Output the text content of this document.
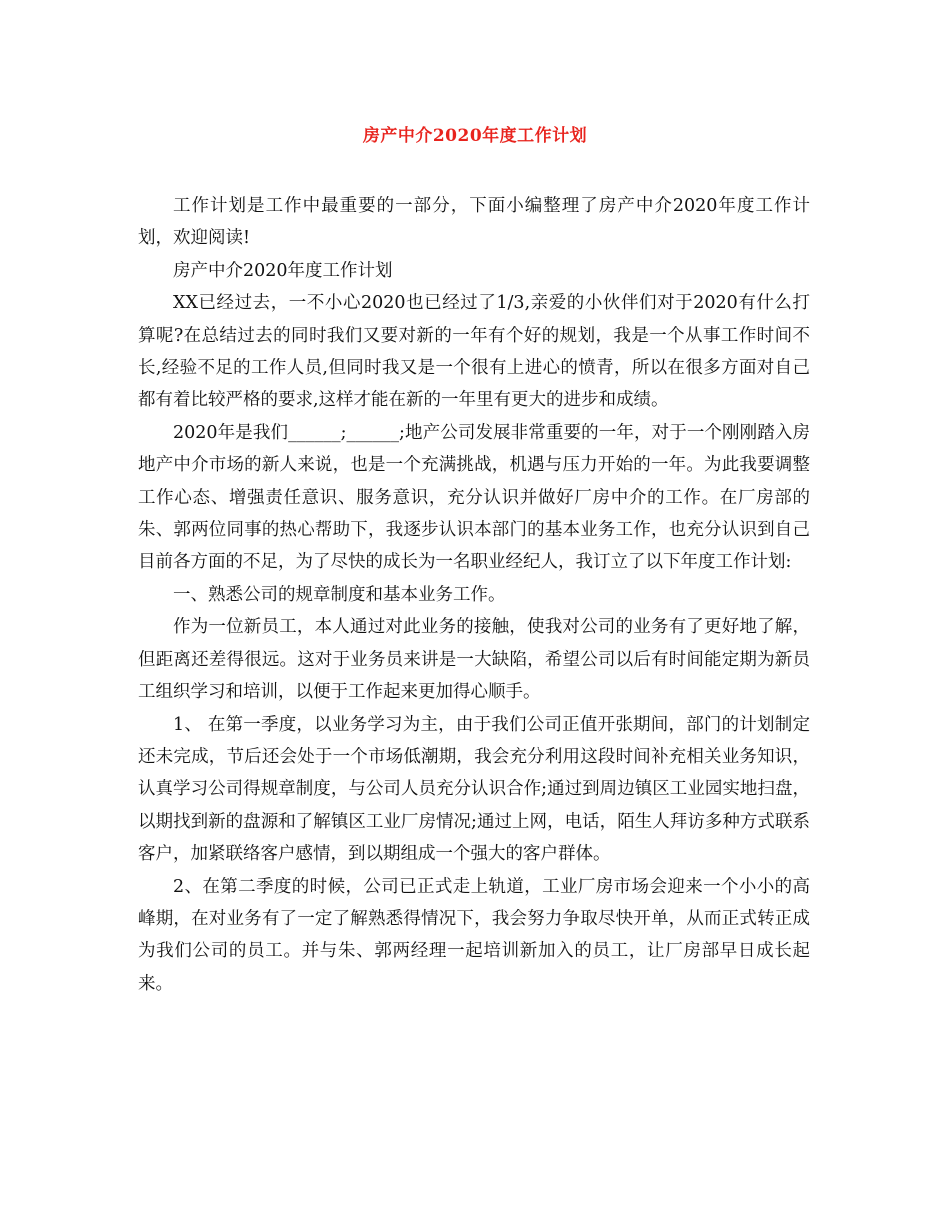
房产中介2020年度工作计划

工作计划是工作中最重要的一部分，下面小编整理了房产中介2020年度工作计划，欢迎阅读!

房产中介2020年度工作计划

XX已经过去，一不小心2020也已经过了1/3,亲爱的小伙伴们对于2020有什么打算呢?在总结过去的同时我们又要对新的一年有个好的规划，我是一个从事工作时间不长,经验不足的工作人员,但同时我又是一个很有上进心的愤青，所以在很多方面对自己都有着比较严格的要求,这样才能在新的一年里有更大的进步和成绩。

2020年是我们______;______;地产公司发展非常重要的一年，对于一个刚刚踏入房地产中介市场的新人来说，也是一个充满挑战，机遇与压力开始的一年。为此我要调整工作心态、增强责任意识、服务意识，充分认识并做好厂房中介的工作。在厂房部的朱、郭两位同事的热心帮助下，我逐步认识本部门的基本业务工作，也充分认识到自己目前各方面的不足，为了尽快的成长为一名职业经纪人，我订立了以下年度工作计划:

一、熟悉公司的规章制度和基本业务工作。

作为一位新员工，本人通过对此业务的接触，使我对公司的业务有了更好地了解，但距离还差得很远。这对于业务员来讲是一大缺陷，希望公司以后有时间能定期为新员工组织学习和培训，以便于工作起来更加得心顺手。

1、 在第一季度，以业务学习为主，由于我们公司正值开张期间，部门的计划制定还未完成，节后还会处于一个市场低潮期，我会充分利用这段时间补充相关业务知识，认真学习公司得规章制度，与公司人员充分认识合作;通过到周边镇区工业园实地扫盘，以期找到新的盘源和了解镇区工业厂房情况;通过上网，电话，陌生人拜访多种方式联系客户，加紧联络客户感情，到以期组成一个强大的客户群体。

2、在第二季度的时候，公司已正式走上轨道，工业厂房市场会迎来一个小小的高峰期，在对业务有了一定了解熟悉得情况下，我会努力争取尽快开单，从而正式转正成为我们公司的员工。并与朱、郭两经理一起培训新加入的员工，让厂房部早日成长起来。
